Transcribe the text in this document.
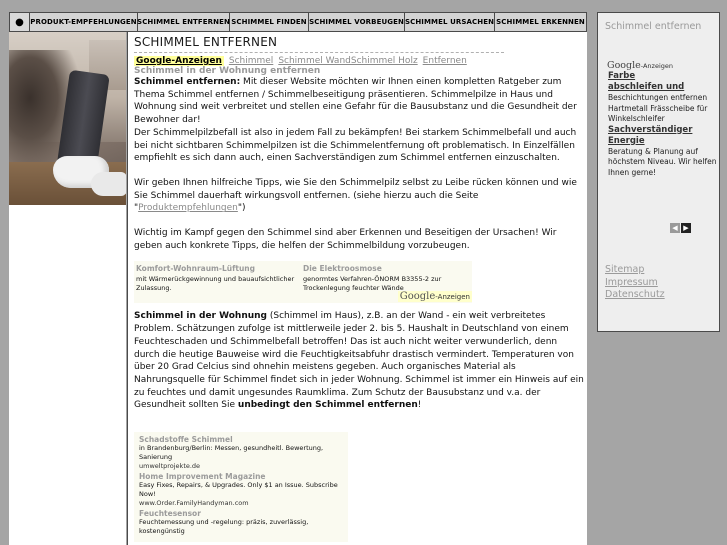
● PRODUKT-EMPFEHLUNGEN SCHIMMEL ENTFERNEN SCHIMMEL FINDEN SCHIMMEL VORBEUGEN SCHIMMEL URSACHEN SCHIMMEL ERKENNEN
SCHIMMEL ENTFERNEN
Google-Anzeigen Schimmel Schimmel WandSchimmel Holz Entfernen
Schimmel in der Wohnung entfernen

Schimmel entfernen: Mit dieser Website möchten wir Ihnen einen kompletten Ratgeber zum Thema Schimmel entfernen / Schimmelbeseitigung präsentieren. Schimmelpilze in Haus und Wohnung sind weit verbreitet und stellen eine Gefahr für die Bausubstanz und die Gesundheit der Bewohner dar!

Der Schimmelpilzbefall ist also in jedem Fall zu bekämpfen! Bei starkem Schimmelbefall und auch bei nicht sichtbaren Schimmelpilzen ist die Schimmelentfernung oft problematisch. In Einzelfällen empfiehlt es sich dann auch, einen Sachverständigen zum Schimmel entfernen einzuschalten.

Wir geben Ihnen hilfreiche Tipps, wie Sie den Schimmelpilz selbst zu Leibe rücken können und wie Sie Schimmel dauerhaft wirkungsvoll entfernen. (siehe hierzu auch die Seite "Produktempfehlungen")

Wichtig im Kampf gegen den Schimmel sind aber Erkennen und Beseitigen der Ursachen! Wir geben auch konkrete Tipps, die helfen der Schimmelbildung vorzubeugen.

Komfort-Wohnraum-Lüftung
mit Wärmerückgewinnung und bauaufsichtlicher Zulassung.
Die Elektroosmose
genormtes Verfahren-ÖNORM B3355-2 zur Trockenlegung feuchter Wände
Google-Anzeigen

Schimmel in der Wohnung (Schimmel im Haus), z.B. an der Wand - ein weit verbreitetes Problem. Schätzungen zufolge ist mittlerweile jeder 2. bis 5. Haushalt in Deutschland von einem Feuchteschaden und Schimmelbefall betroffen! Das ist auch nicht weiter verwunderlich, denn durch die heutige Bauweise wird die Feuchtigkeitsabfuhr drastisch vermindert. Temperaturen von über 20 Grad Celcius sind ohnehin meistens gegeben. Auch organisches Material als Nahrungsquelle für Schimmel findet sich in jeder Wohnung. Schimmel ist immer ein Hinweis auf ein zu feuchtes und damit ungesundes Raumklima. Zum Schutz der Bausubstanz und v.a. der Gesundheit sollten Sie unbedingt den Schimmel entfernen!

Schadstoffe Schimmel
in Brandenburg/Berlin: Messen, gesundheitl. Bewertung, Sanierung
umweltprojekte.de
Home Improvement Magazine
Easy Fixes, Repairs, & Upgrades. Only $1 an Issue. Subscribe Now!
www.Order.FamilyHandyman.com
Feuchtesensor
Feuchtemessung und -regelung: präzis, zuverlässig, kostengünstig
Schimmel entfernen
Google-Anzeigen
Farbe
abschleifen und
Beschichtungen entfernen Hartmetall Frässcheibe für Winkelschleifer
Sachverständiger
Energie
Beratung & Planung auf höchstem Niveau. Wir helfen Ihnen gerne!
◀ ▶
Sitemap
Impressum
Datenschutz
